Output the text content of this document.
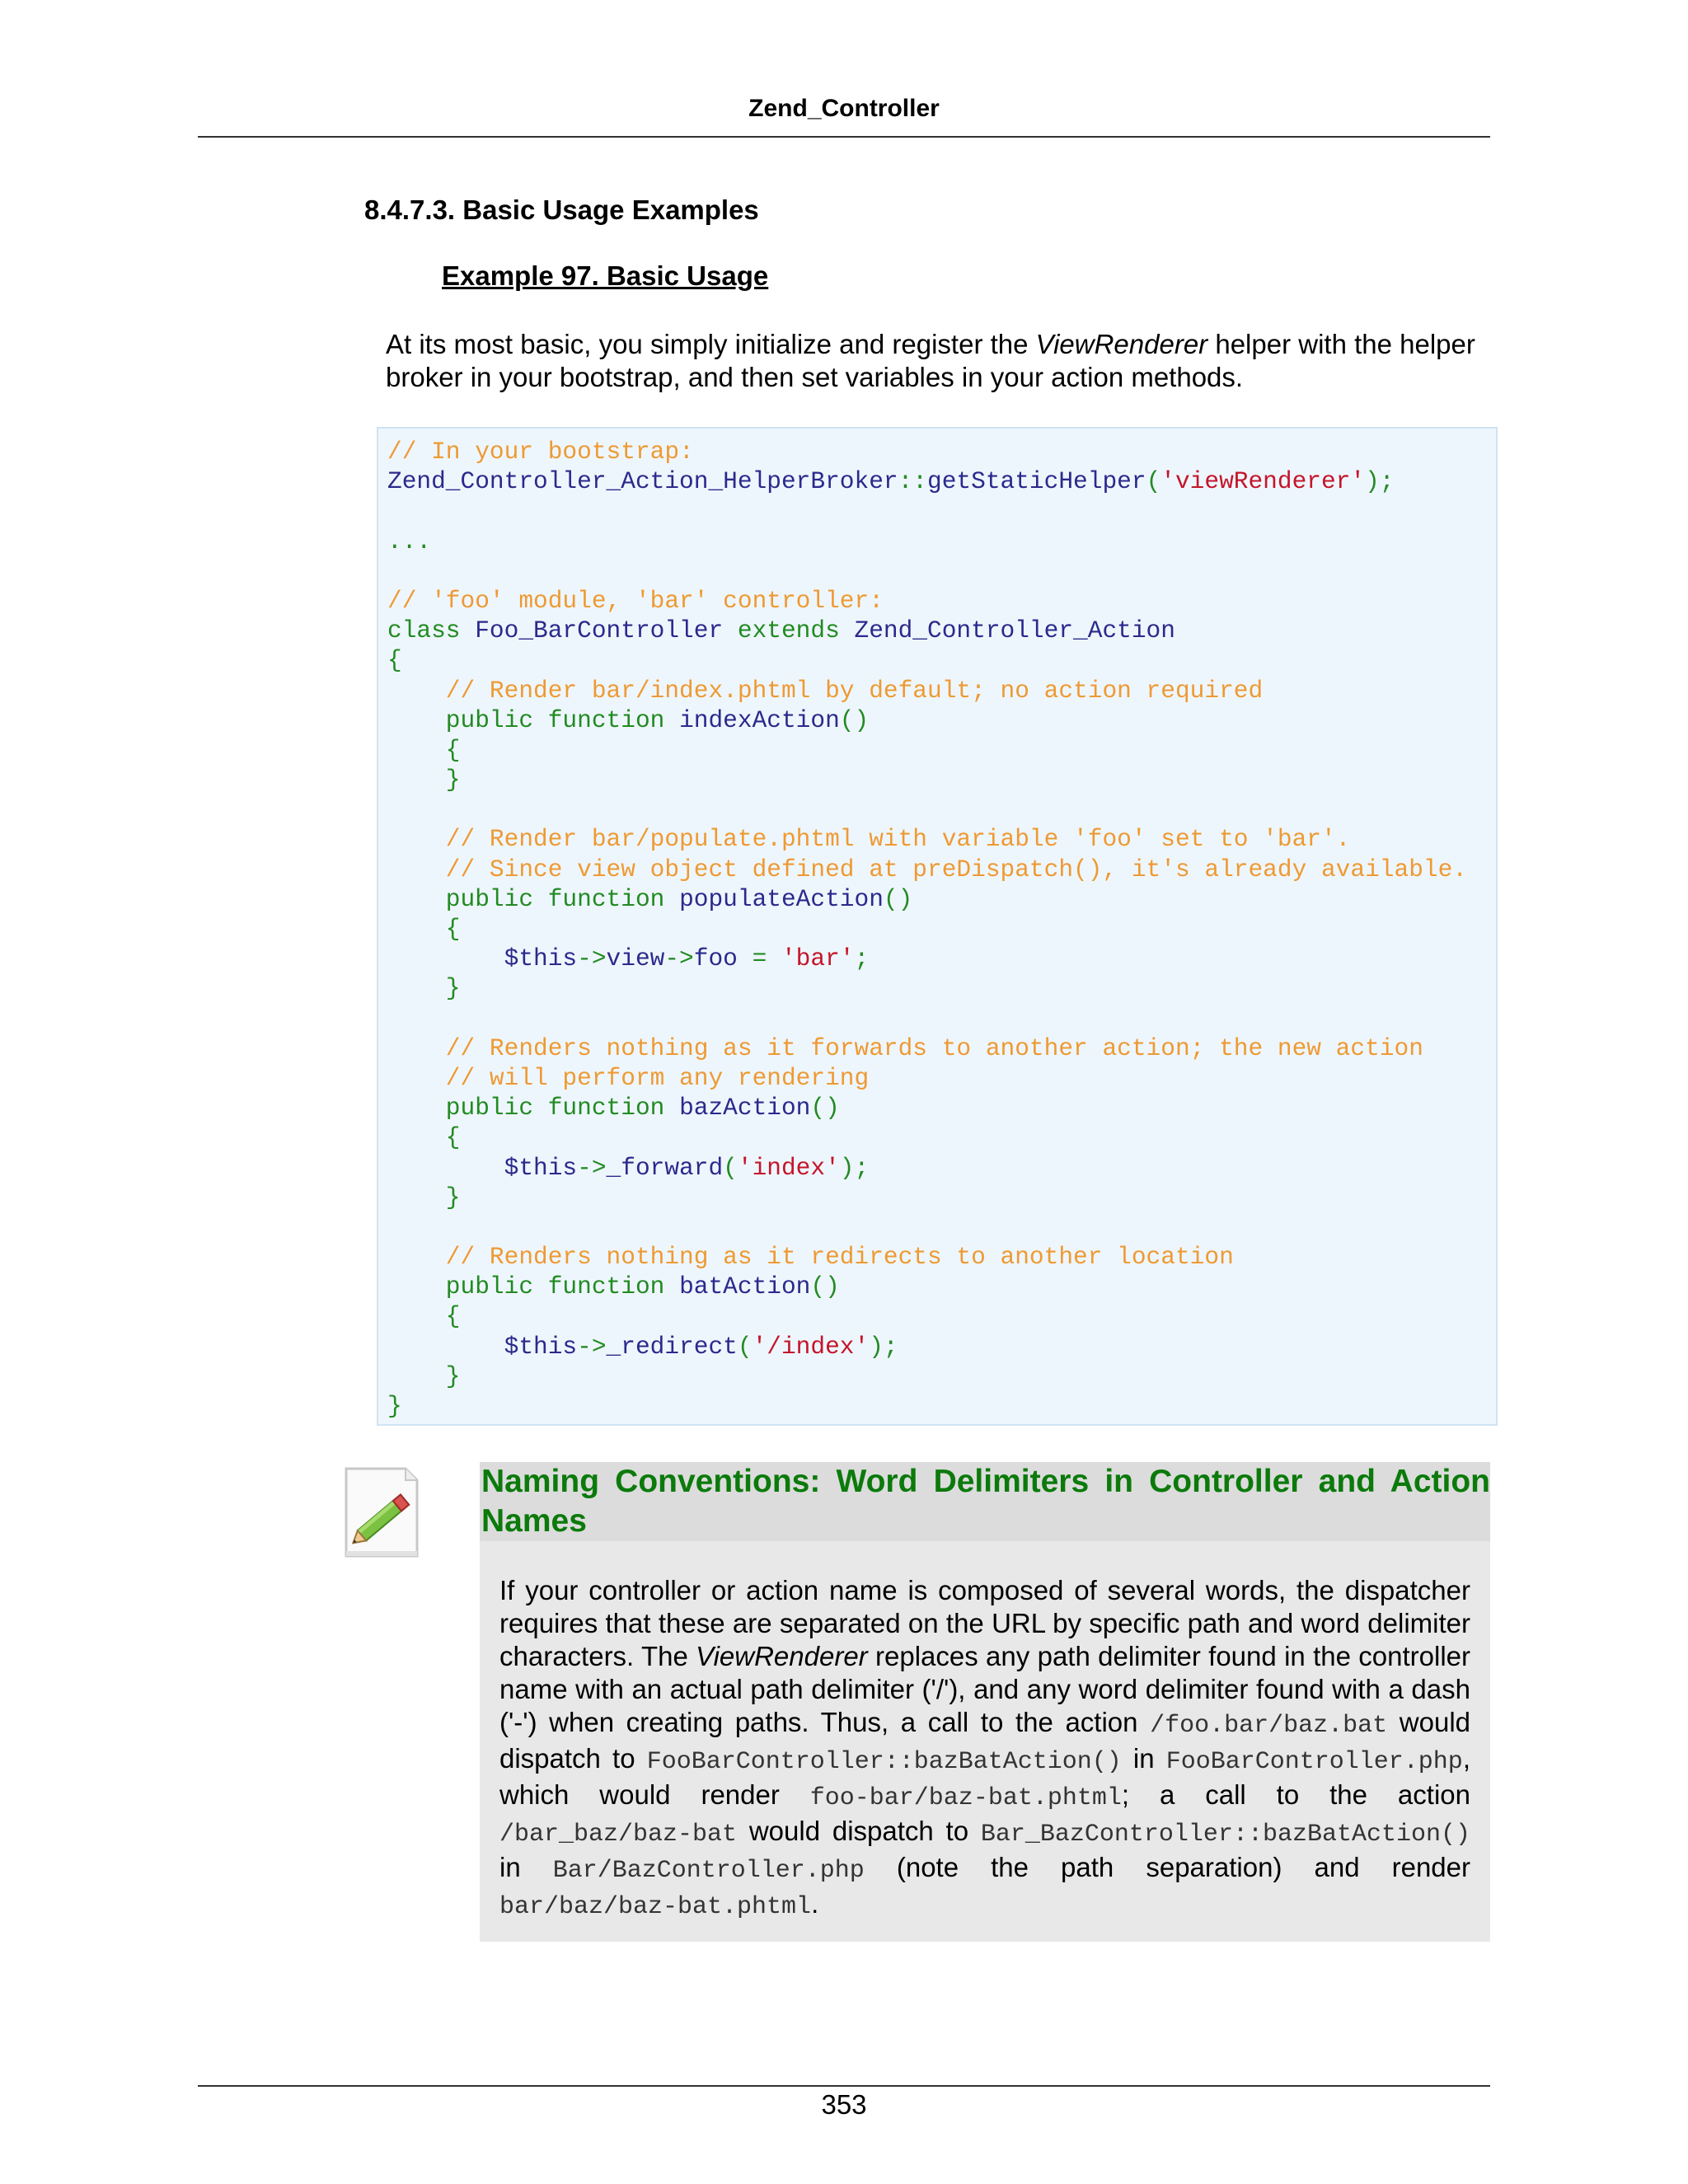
Zend_Controller
8.4.7.3. Basic Usage Examples
Example 97. Basic Usage
At its most basic, you simply initialize and register the ViewRenderer helper with the helper broker in your bootstrap, and then set variables in your action methods.
// In your bootstrap:
Zend_Controller_Action_HelperBroker::getStaticHelper('viewRenderer');

...

// 'foo' module, 'bar' controller:
class Foo_BarController extends Zend_Controller_Action
{
// Render bar/index.phtml by default; no action required
public function indexAction()
{
}

// Render bar/populate.phtml with variable 'foo' set to 'bar'.
// Since view object defined at preDispatch(), it's already available.
public function populateAction()
{
$this->view->foo = 'bar';
}

// Renders nothing as it forwards to another action; the new action
// will perform any rendering
public function bazAction()
{
$this->_forward('index');
}

// Renders nothing as it redirects to another location
public function batAction()
{
$this->_redirect('/index');
}
}
Naming Conventions: Word Delimiters in Controller and Action Names
If your controller or action name is composed of several words, the dispatcher requires that these are separated on the URL by specific path and word delimiter characters. The ViewRenderer replaces any path delimiter found in the controller name with an actual path delimiter ('/'), and any word delimiter found with a dash ('-') when creating paths. Thus, a call to the action /foo.bar/baz.bat would dispatch to FooBarController::bazBatAction() in FooBarController.php, which would render foo-bar/baz-bat.phtml; a call to the action /bar_baz/baz-bat would dispatch to Bar_BazController::bazBatAction() in Bar/BazController.php (note the path separation) and render bar/baz/baz-bat.phtml.
353
